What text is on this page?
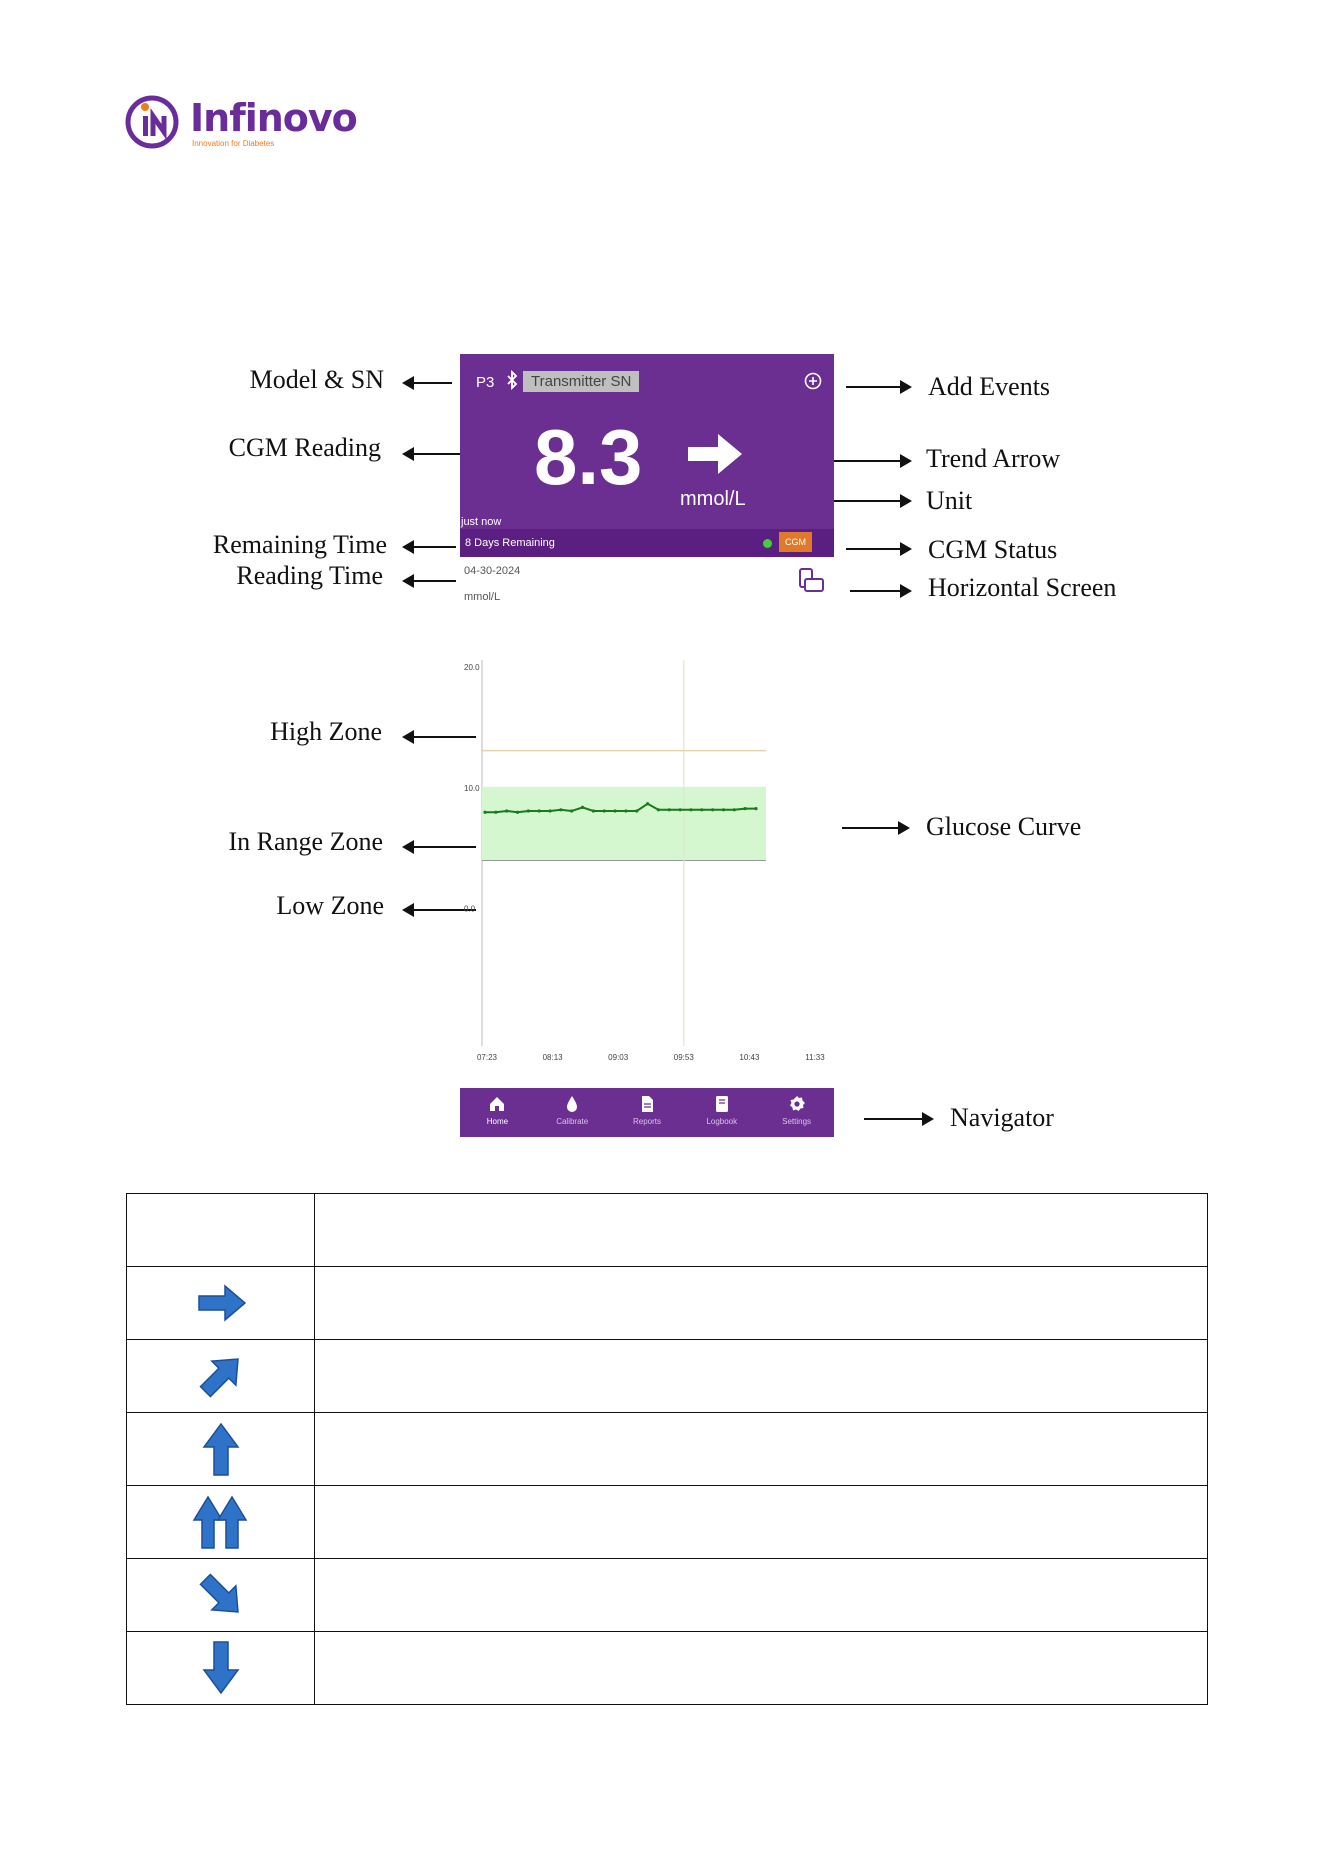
Infinovo
Innovation for Diabetes
Model & SN
CGM Reading
Remaining Time
Reading Time
High Zone
In Range Zone
Low Zone
Add Events
Trend Arrow
Unit
CGM Status
Horizontal Screen
Glucose Curve
Navigator
P3	Transmitter SN
8.3 mmol/L
just now
8 Days Remaining	CGM
04-30-2024
mmol/L
20.0
10.0
0.0
07:23	08:13	09:03	09:53	10:43	11:33
Home	Calibrate	Reports	Logbook	Settings
